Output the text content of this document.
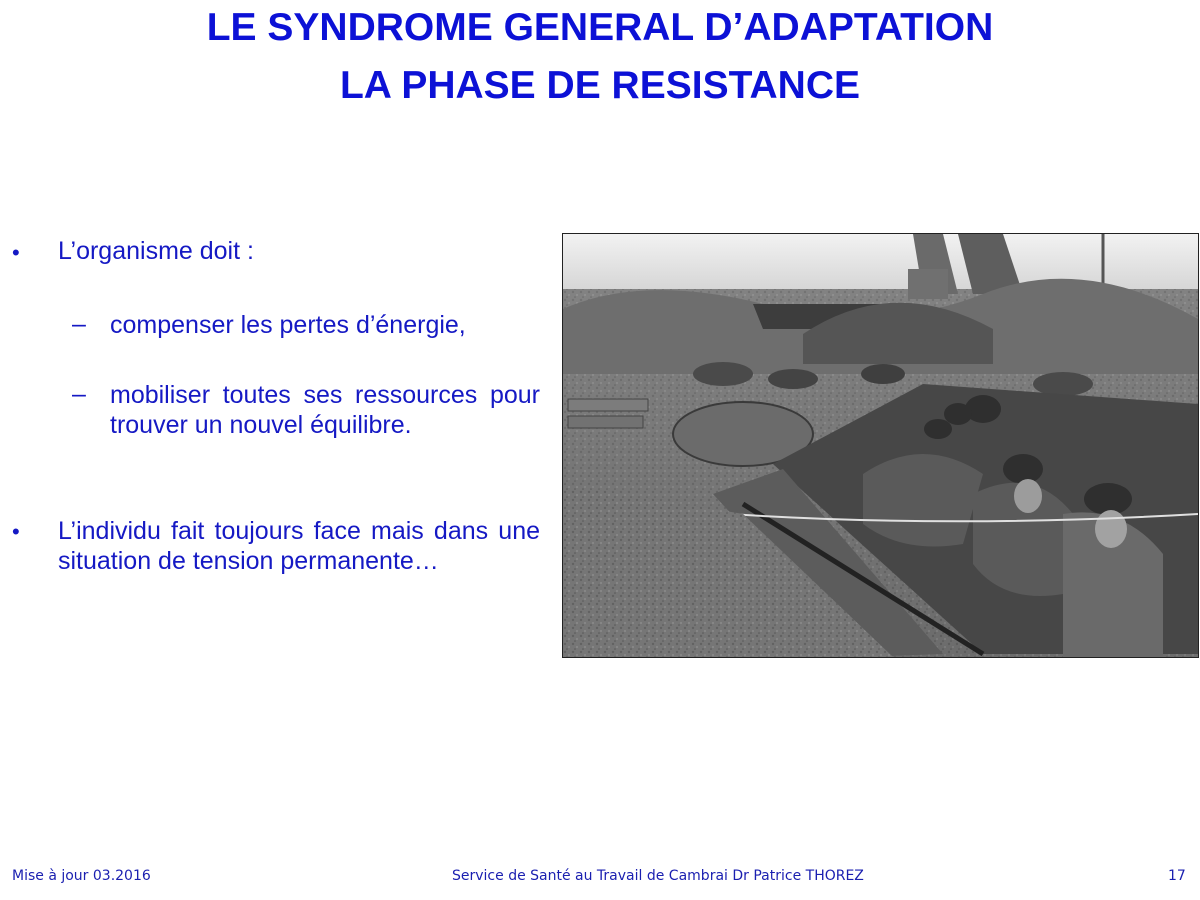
LE SYNDROME GENERAL D’ADAPTATION
LA PHASE DE RESISTANCE
• L’organisme doit :
– compenser les pertes d’énergie,
– mobiliser toutes ses ressources pour trouver un nouvel équilibre.
• L’individu fait toujours face mais dans une situation de tension permanente…
Mise à jour 03.2016	Service de Santé au Travail de Cambrai Dr Patrice THOREZ	17
